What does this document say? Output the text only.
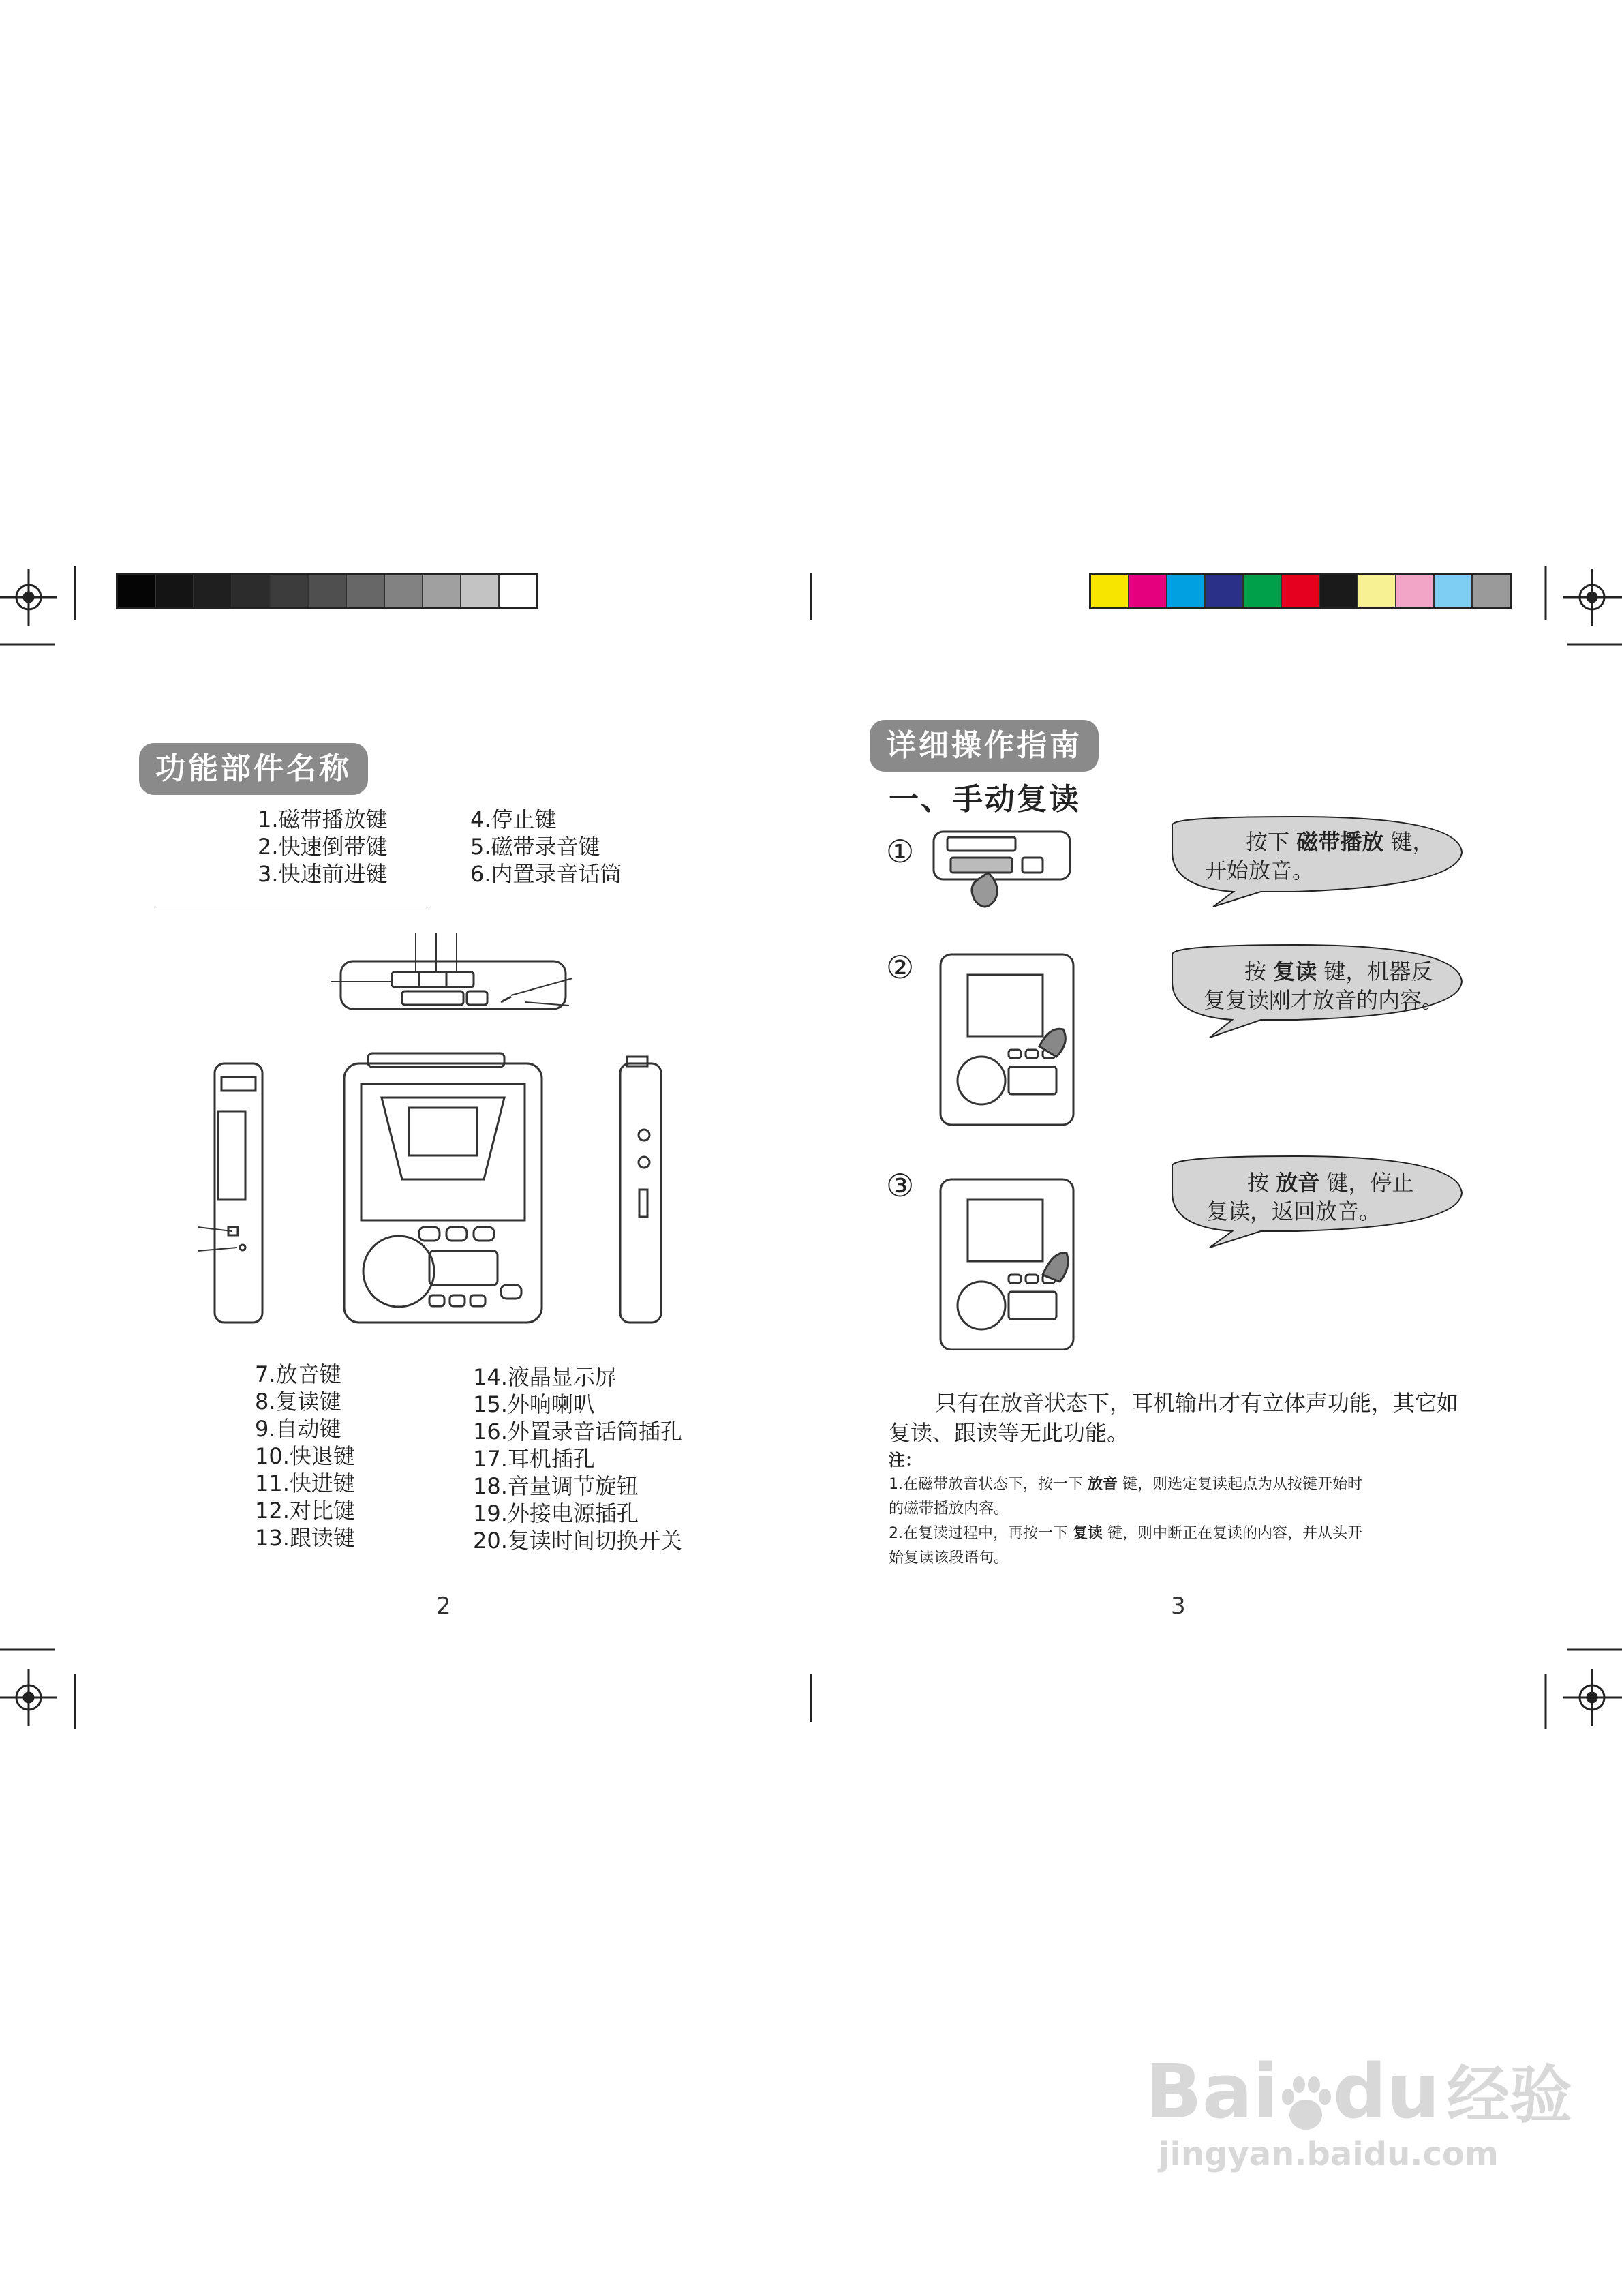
功能部件名称
1.磁带播放键
2.快速倒带键
3.快速前进键
4.停止键
5.磁带录音键
6.内置录音话筒
7.放音键
8.复读键
9.自动键
10.快退键
11.快进键
12.对比键
13.跟读键
14.液晶显示屏
15.外响喇叭
16.外置录音话筒插孔
17.耳机插孔
18.音量调节旋钮
19.外接电源插孔
20.复读时间切换开关
2
详细操作指南
一、手动复读
①
②
③
按下 磁带播放 键，
开始放音。
按 复读 键，机器反
复复读刚才放音的内容。
按 放音 键，停止
复读，返回放音。
只有在放音状态下，耳机输出才有立体声功能，其它如
复读、跟读等无此功能。
注：
1.在磁带放音状态下，按一下 放音 键，则选定复读起点为从按键开始时
的磁带播放内容。
2.在复读过程中，再按一下 复读 键，则中断正在复读的内容，并从头开
始复读该段语句。
3
Bai du 经验
jingyan.baidu.com
